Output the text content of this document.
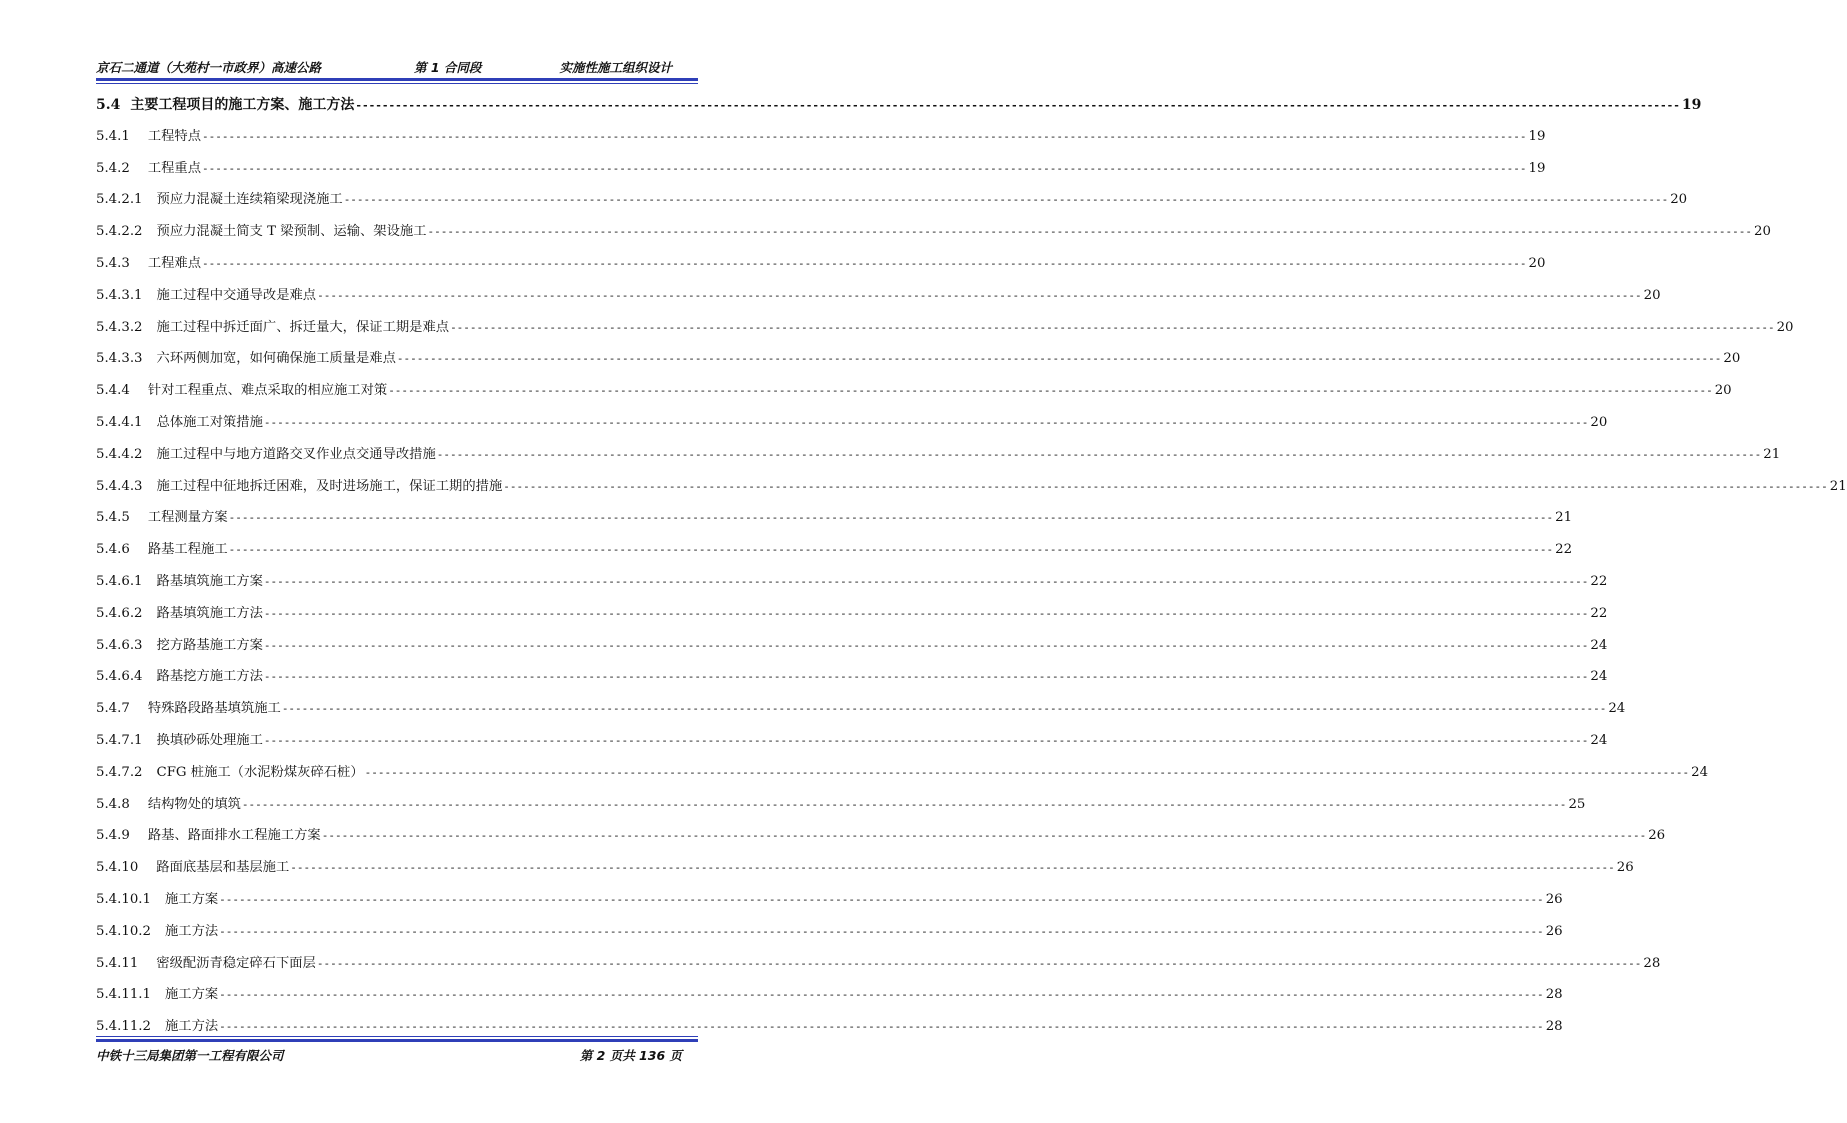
京石二通道（大苑村一市政界）高速公路	第 1 合同段	实施性施工组织设计
5.4 主要工程项目的施工方案、施工方法 -------------------------------------------------------------------------------------------------------------------------------------------------------------------------------------------------------- 19
5.4.1 工程特点 -------------------------------------------------------------------------------------------------------------------------------------------------------------------------------------------------------- 19
5.4.2 工程重点 -------------------------------------------------------------------------------------------------------------------------------------------------------------------------------------------------------- 19
5.4.2.1 预应力混凝土连续箱梁现浇施工 -------------------------------------------------------------------------------------------------------------------------------------------------------------------------------------------------------- 20
5.4.2.2 预应力混凝土简支 T 梁预制、运输、架设施工 -------------------------------------------------------------------------------------------------------------------------------------------------------------------------------------------------------- 20
5.4.3 工程难点 -------------------------------------------------------------------------------------------------------------------------------------------------------------------------------------------------------- 20
5.4.3.1 施工过程中交通导改是难点 -------------------------------------------------------------------------------------------------------------------------------------------------------------------------------------------------------- 20
5.4.3.2 施工过程中拆迁面广、拆迁量大，保证工期是难点 -------------------------------------------------------------------------------------------------------------------------------------------------------------------------------------------------------- 20
5.4.3.3 六环两侧加宽，如何确保施工质量是难点 -------------------------------------------------------------------------------------------------------------------------------------------------------------------------------------------------------- 20
5.4.4 针对工程重点、难点采取的相应施工对策 -------------------------------------------------------------------------------------------------------------------------------------------------------------------------------------------------------- 20
5.4.4.1 总体施工对策措施 -------------------------------------------------------------------------------------------------------------------------------------------------------------------------------------------------------- 20
5.4.4.2 施工过程中与地方道路交叉作业点交通导改措施 -------------------------------------------------------------------------------------------------------------------------------------------------------------------------------------------------------- 21
5.4.4.3 施工过程中征地拆迁困难，及时进场施工，保证工期的措施 -------------------------------------------------------------------------------------------------------------------------------------------------------------------------------------------------------- 21
5.4.5 工程测量方案 -------------------------------------------------------------------------------------------------------------------------------------------------------------------------------------------------------- 21
5.4.6 路基工程施工 -------------------------------------------------------------------------------------------------------------------------------------------------------------------------------------------------------- 22
5.4.6.1 路基填筑施工方案 -------------------------------------------------------------------------------------------------------------------------------------------------------------------------------------------------------- 22
5.4.6.2 路基填筑施工方法 -------------------------------------------------------------------------------------------------------------------------------------------------------------------------------------------------------- 22
5.4.6.3 挖方路基施工方案 -------------------------------------------------------------------------------------------------------------------------------------------------------------------------------------------------------- 24
5.4.6.4 路基挖方施工方法 -------------------------------------------------------------------------------------------------------------------------------------------------------------------------------------------------------- 24
5.4.7 特殊路段路基填筑施工 -------------------------------------------------------------------------------------------------------------------------------------------------------------------------------------------------------- 24
5.4.7.1 换填砂砾处理施工 -------------------------------------------------------------------------------------------------------------------------------------------------------------------------------------------------------- 24
5.4.7.2 CFG 桩施工（水泥粉煤灰碎石桩） -------------------------------------------------------------------------------------------------------------------------------------------------------------------------------------------------------- 24
5.4.8 结构物处的填筑 -------------------------------------------------------------------------------------------------------------------------------------------------------------------------------------------------------- 25
5.4.9 路基、路面排水工程施工方案 -------------------------------------------------------------------------------------------------------------------------------------------------------------------------------------------------------- 26
5.4.10 路面底基层和基层施工 -------------------------------------------------------------------------------------------------------------------------------------------------------------------------------------------------------- 26
5.4.10.1 施工方案 -------------------------------------------------------------------------------------------------------------------------------------------------------------------------------------------------------- 26
5.4.10.2 施工方法 -------------------------------------------------------------------------------------------------------------------------------------------------------------------------------------------------------- 26
5.4.11 密级配沥青稳定碎石下面层 -------------------------------------------------------------------------------------------------------------------------------------------------------------------------------------------------------- 28
5.4.11.1 施工方案 -------------------------------------------------------------------------------------------------------------------------------------------------------------------------------------------------------- 28
5.4.11.2 施工方法 -------------------------------------------------------------------------------------------------------------------------------------------------------------------------------------------------------- 28
中铁十三局集团第一工程有限公司	第 2 页共 136 页
